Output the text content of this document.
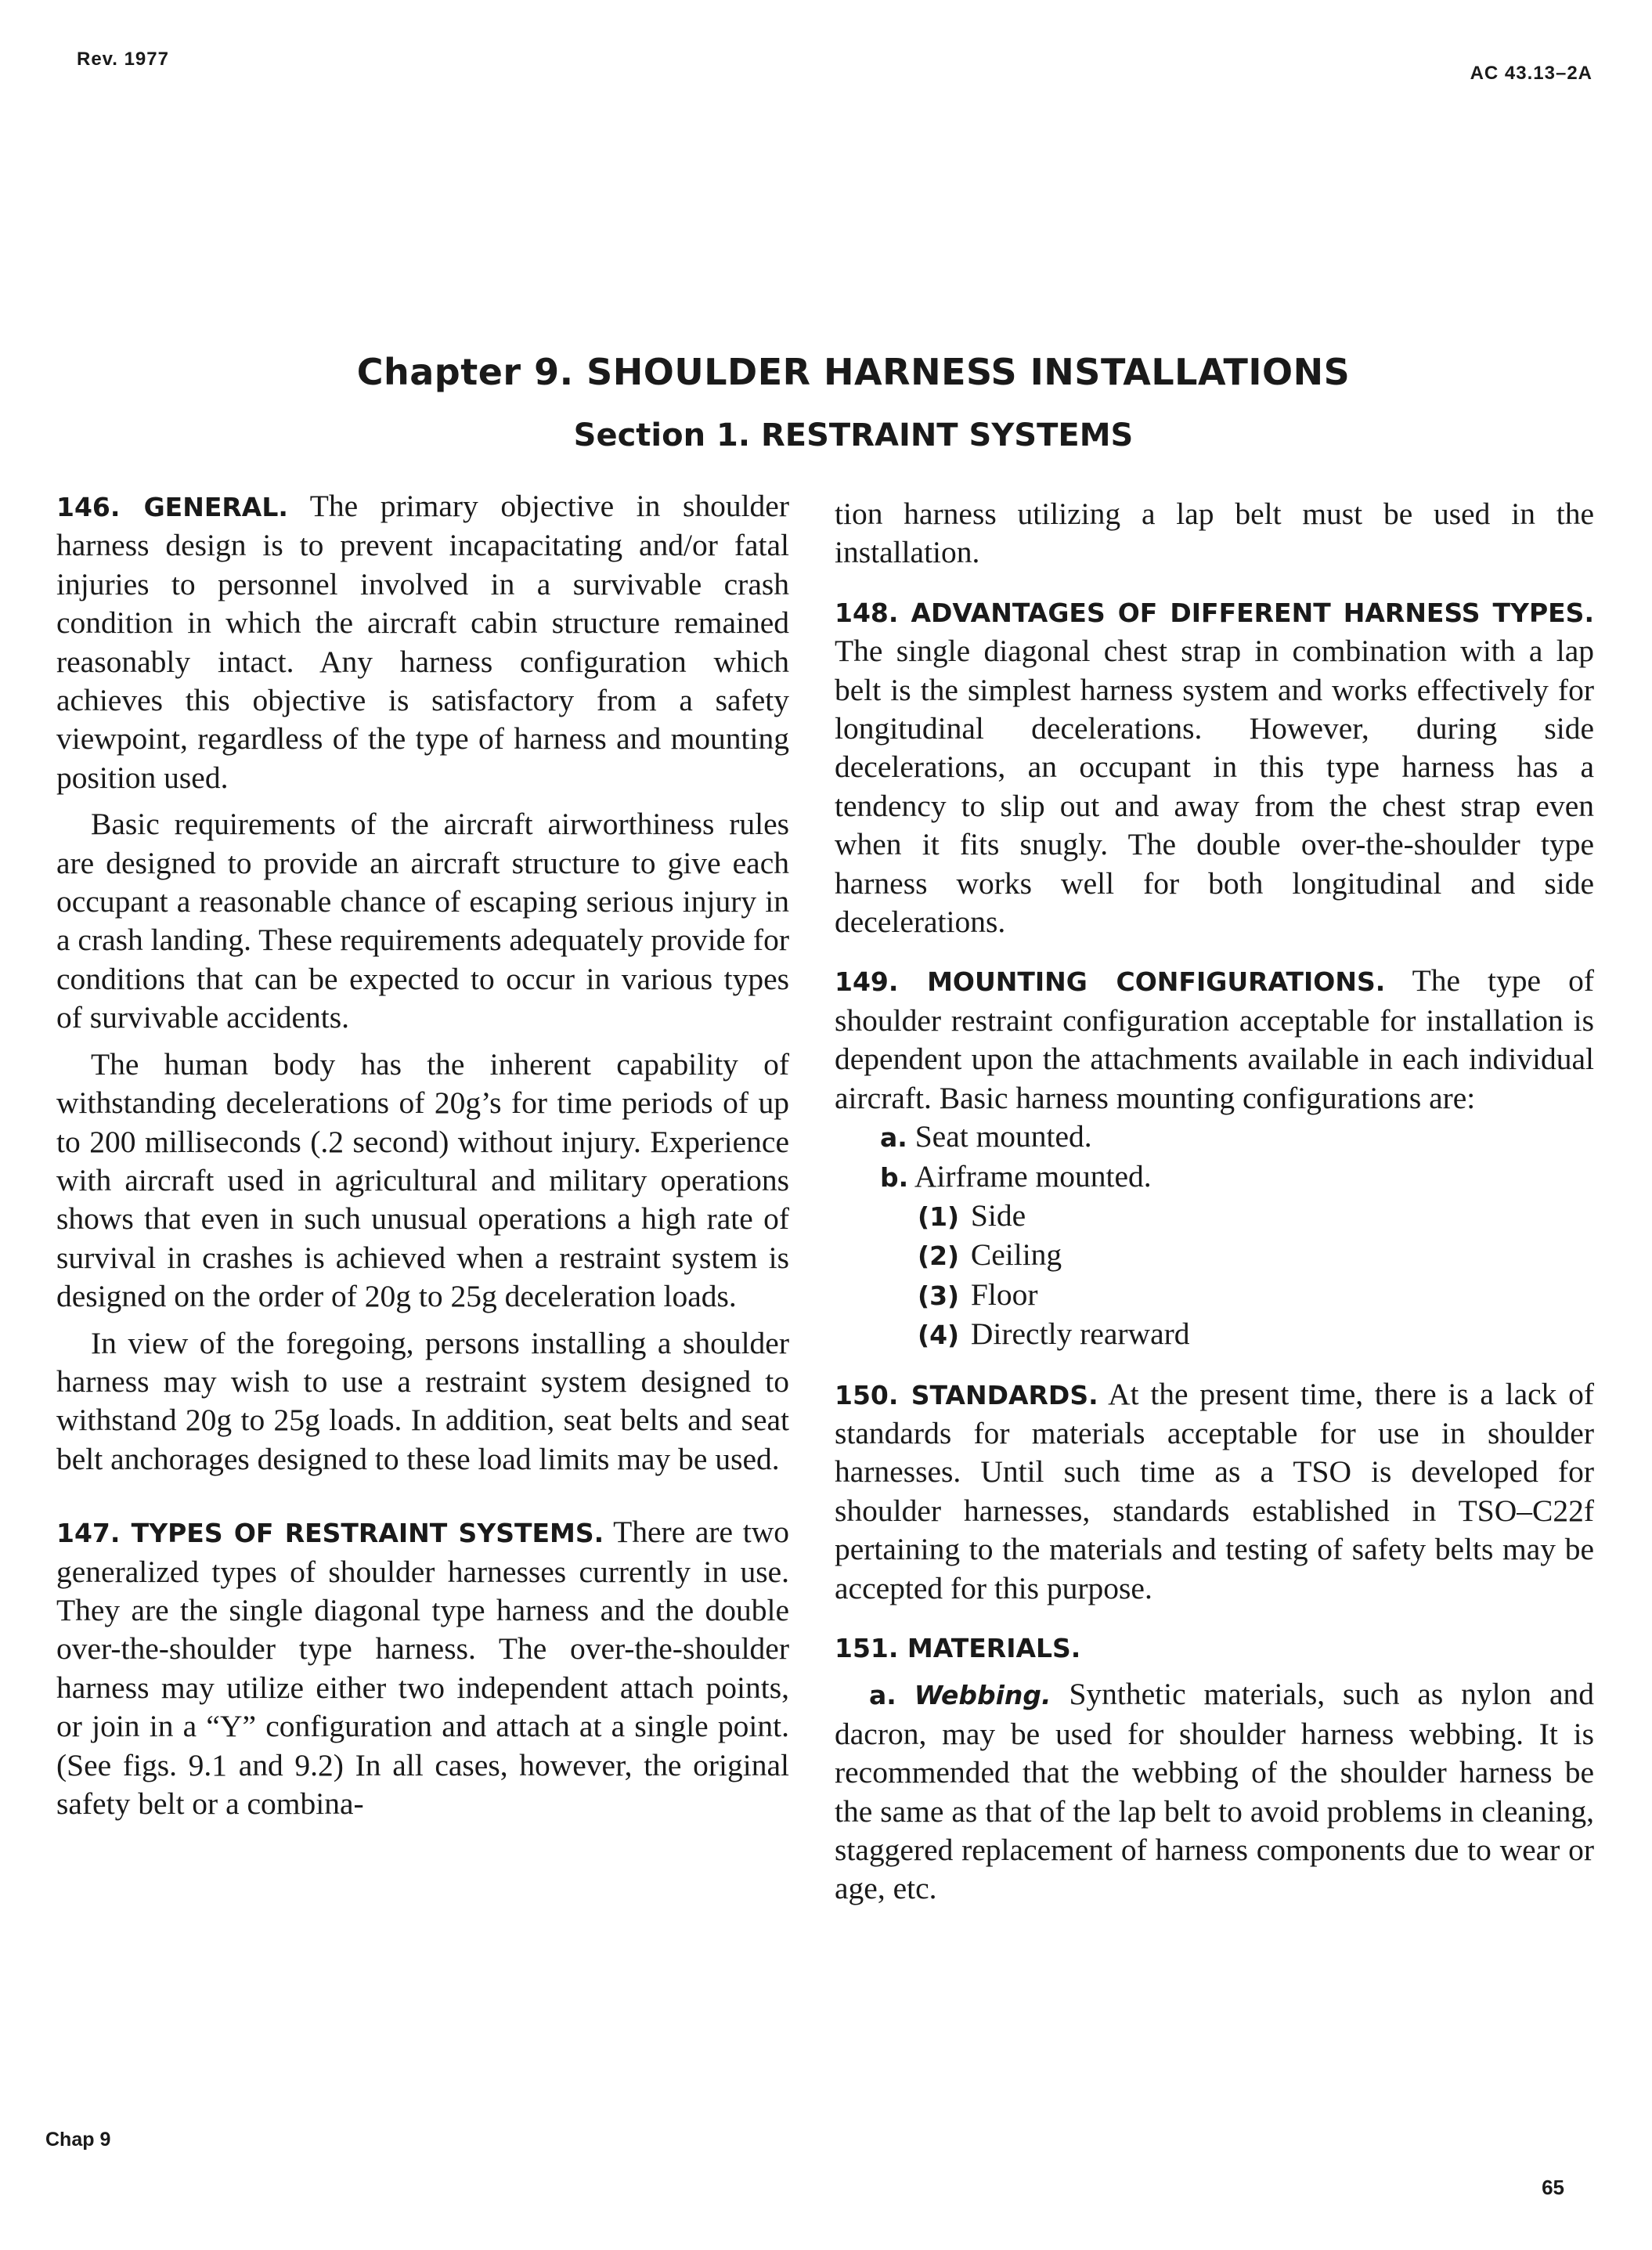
Rev. 1977
AC 43.13–2A
Chapter 9. SHOULDER HARNESS INSTALLATIONS
Section 1. RESTRAINT SYSTEMS

146. GENERAL. The primary objective in shoulder harness design is to prevent incapacitating and/or fatal injuries to personnel involved in a survivable crash condition in which the aircraft cabin structure remained reasonably intact. Any harness configuration which achieves this objective is satisfactory from a safety viewpoint, regardless of the type of harness and mounting position used.

Basic requirements of the aircraft airworthiness rules are designed to provide an aircraft structure to give each occupant a reasonable chance of escaping serious injury in a crash landing. These requirements adequately provide for conditions that can be expected to occur in various types of survivable accidents.

The human body has the inherent capability of withstanding decelerations of 20g’s for time periods of up to 200 milliseconds (.2 second) without injury. Experience with aircraft used in agricultural and military operations shows that even in such unusual operations a high rate of survival in crashes is achieved when a restraint system is designed on the order of 20g to 25g deceleration loads.

In view of the foregoing, persons installing a shoulder harness may wish to use a restraint system designed to withstand 20g to 25g loads. In addition, seat belts and seat belt anchorages designed to these load limits may be used.

147. TYPES OF RESTRAINT SYSTEMS. There are two generalized types of shoulder harnesses currently in use. They are the single diagonal type harness and the double over-the-shoulder type harness. The over-the-shoulder harness may utilize either two independent attach points, or join in a “Y” configuration and attach at a single point. (See figs. 9.1 and 9.2) In all cases, however, the original safety belt or a combina-

tion harness utilizing a lap belt must be used in the installation.

148. ADVANTAGES OF DIFFERENT HARNESS TYPES. The single diagonal chest strap in combination with a lap belt is the simplest harness system and works effectively for longitudinal decelerations. However, during side decelerations, an occupant in this type harness has a tendency to slip out and away from the chest strap even when it fits snugly. The double over-the-shoulder type harness works well for both longitudinal and side decelerations.

149. MOUNTING CONFIGURATIONS. The type of shoulder restraint configuration acceptable for installation is dependent upon the attachments available in each individual aircraft. Basic harness mounting configurations are:

a. Seat mounted.

b. Airframe mounted.

(1) Side

(2) Ceiling

(3) Floor

(4) Directly rearward

150. STANDARDS. At the present time, there is a lack of standards for materials acceptable for use in shoulder harnesses. Until such time as a TSO is developed for shoulder harnesses, standards established in TSO–C22f pertaining to the materials and testing of safety belts may be accepted for this purpose.

151. MATERIALS.

a. Webbing. Synthetic materials, such as nylon and dacron, may be used for shoulder harness webbing. It is recommended that the webbing of the shoulder harness be the same as that of the lap belt to avoid problems in cleaning, staggered replacement of harness components due to wear or age, etc.

Chap 9
65
